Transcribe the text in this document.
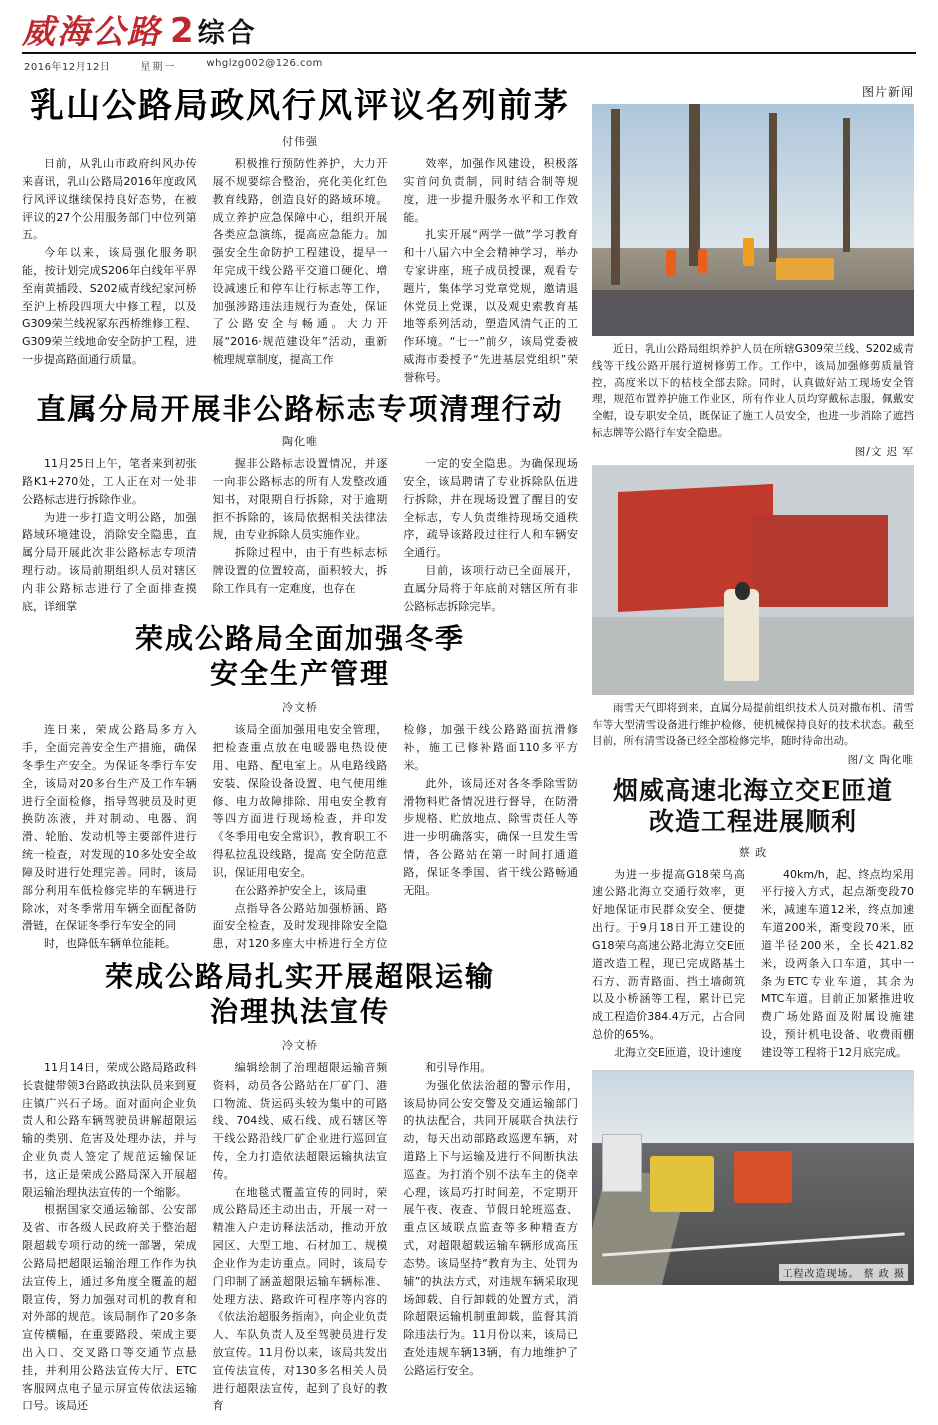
威海公路 2 综合
2016年12月12日	星期一	whglzg002@126.com
乳山公路局政风行风评议名列前茅
付伟强

日前，从乳山市政府纠风办传来喜讯，乳山公路局2016年度政风行风评议继续保持良好态势，在被评议的27个公用服务部门中位列第五。

今年以来，该局强化服务职能，按计划完成S206年白线年平界至南黄插段、S202威青线纪家河桥至沪上桥段四项大中修工程，以及G309荣兰线祝冢东西桥维修工程、G309荣兰线地命安全防护工程，进一步提高路面通行质量。

积极推行预防性养护，大力开展不规要综合整治，亮化美化红色教育线路，创造良好的路域环境。成立养护应急保障中心，组织开展各类应急演练，提高应急能力。加强安全生命防护工程建设，提早一年完成干线公路平交道口硬化、增设减速丘和停车让行标志等工作，加强涉路违法违规行为查处，保证了公路安全与畅通。大力开展“2016·规范建设年”活动，重新梳理规章制度，提高工作

效率，加强作风建设，积极落实首问负责制，同时结合制等规度，进一步提升服务水平和工作效能。

扎实开展“两学一做”学习教育和十八届六中全会精神学习，举办专家讲座，班子成员授课，观看专题片，集体学习党章党规，邀请退休党员上党课，以及观史索教育基地等系列活动，塑造风清气正的工作环境。“七一”前夕，该局党委被威海市委授予“先进基层党组织”荣誉称号。

直属分局开展非公路标志专项清理行动
陶化唯

11月25日上午，笔者来到初张路K1+270处，工人正在对一处非公路标志进行拆除作业。

为进一步打造文明公路，加强路域环境建设，消除安全隐患，直属分局开展此次非公路标志专项清理行动。该局前期组织人员对辖区内非公路标志进行了全面排查摸底，详细掌

握非公路标志设置情况，并逐一向非公路标志的所有人发整改通知书，对限期自行拆除，对于逾期拒不拆除的，该局依据相关法律法规，由专业拆除人员实施作业。

拆除过程中，由于有些标志标牌设置的位置较高，面积较大，拆除工作具有一定难度，也存在

一定的安全隐患。为确保现场安全，该局聘请了专业拆除队伍进行拆除，并在现场设置了醒目的安全标志，专人负责维持现场交通秩序，疏导该路段过往行人和车辆安全通行。

目前，该项行动已全面展开，直属分局将于年底前对辖区所有非公路标志拆除完毕。

荣成公路局全面加强冬季
安全生产管理
冷文桥

连日来，荣成公路局多方入手，全面完善安全生产措施，确保冬季生产安全。为保证冬季行车安全，该局对20多台生产及工作车辆进行全面检修，指导驾驶员及时更换防冻液，并对制动、电器、润滑、轮胎、发动机等主要部件进行统一检查，对发现的10多处安全故障及时进行处理完善。同时，该局部分利用车低检修完毕的车辆进行除冰，对冬季常用车辆全面配备防滑链，在保证冬季行车安全的同

时，也降低车辆单位能耗。

该局全面加强用电安全管理，把检查重点放在电暖器电热设使用、电路、配电室上。从电路线路安装、保险设备设置、电气使用维修、电力故障排除、用电安全教育等四方面进行现场检查，并印发《冬季用电安全常识》，教育职工不得私拉乱设线路，提高 安全防范意识，保证用电安全。

在公路养护安全上，该局重

点指导各公路站加强桥涵、路面安全检查，及时发现排除安全隐患，对120多座大中桥进行全方位检修，加强干线公路路面抗滑修补，施工已修补路面110多平方米。

此外，该局还对各冬季除雪防滑物料贮备情况进行督导，在防滑步规格、贮放地点、除雪责任人等进一步明确落实，确保一旦发生雪情，各公路站在第一时间打通道路，保证冬季国、省干线公路畅通无阻。

荣成公路局扎实开展超限运输
治理执法宣传
冷文桥

11月14日，荣成公路局路政科长袁健带领3台路政执法队员来到夏庄镇广兴石子场。面对面向企业负责人和公路车辆驾驶员讲解超限运输的类别、危害及处理办法，并与企业负责人签定了规范运输保证书，这正是荣成公路局深入开展超限运输治理执法宣传的一个缩影。

根据国家交通运输部、公安部及省、市各级人民政府关于整治超限超载专项行动的统一部署，荣成公路局把超限运输治理工作作为执法宣传上，通过多角度全覆盖的超限宣传，努力加强对司机的教育和对外部的规范。该局制作了20多条宣传横幅，在重要路段、荣成主要出入口、交叉路口等交通节点悬挂，并利用公路法宣传大厅、ETC客服网点电子显示屏宣传依法运输口号。该局还

编辑绘制了治理超限运输音频资料，动员各公路站在厂矿门、港口物流、货运码头较为集中的可路线、704线、威石线、成石辖区等干线公路沿线厂矿企业进行巡回宣传，全力打造依法超限运输执法宣传。

在地毯式覆盖宣传的同时，荣成公路局还主动出击，开展一对一精准入户走访释法活动，推动开放园区、大型工地、石材加工、规模企业作为走访重点。同时，该局专门印制了涵盖超限运输车辆标准、处理方法、路政许可程序等内容的《依法治超服务指南》，向企业负责人、车队负责人及至驾驶员进行发放宣传。11月份以来，该局共发出宣传法宣传，对130多名相关人员进行超限法宣传，起到了良好的教育

和引导作用。

为强化依法治超的警示作用，该局协同公安交警及交通运输部门的执法配合，共同开展联合执法行动，每天出动部路政巡逻车辆，对道路上下与运输及进行不间断执法巡查。为打消个别不法车主的侥幸心理，该局巧打时间差，不定期开展午夜、夜查、节假日轮班巡查、重点区域联点监查等多种精查方式，对超限超载运输车辆形成高压态势。该局坚持“教育为主、处罚为辅”的执法方式，对违规车辆采取现场卸载、自行卸载的处置方式，消除超限运输机制重卸载，监督其消除违法行为。11月份以来，该局已查处违规车辆13辆，有力地维护了公路运行安全。

图片新闻
近日，乳山公路局组织养护人员在所辖G309荣兰线、S202威青线等干线公路开展行道树修剪工作。工作中，该局加强修剪质量管控，高度米以下的枯枝全部去除。同时，认真做好站工现场安全管理，规范布置养护施工作业区，所有作业人员均穿戴标志服，佩戴安全帽，设专职安全员，既保证了施工人员安全，也进一步消除了遮挡标志牌等公路行车安全隐患。
图/文 迟 军
雨雪天气即将到来，直属分局提前组织技术人员对撒布机、清雪车等大型清雪设备进行维护检修，使机械保持良好的技术状态。截至目前，所有清雪设备已经全部检修完毕，随时待命出动。
图/文 陶化唯
烟威高速北海立交E匝道
改造工程进展顺利
蔡 政

为进一步提高G18荣乌高速公路北海立交通行效率，更好地保证市民群众安全、便捷出行。于9月18日开工建设的G18荣乌高速公路北海立交E匝道改造工程，现已完成路基土石方、沥青路面、挡土墙砌筑以及小桥涵等工程，累计已完成工程造价384.4万元，占合同总价的65%。

北海立交E匝道，设计速度

40km/h，起、终点均采用平行接入方式，起点渐变段70米，减速车道12米，终点加速车道200米，渐变段70米，匝道半径200米，全长421.82米，设两条入口车道，其中一条为ETC专业车道，其余为MTC车道。目前正加紧推进收费广场处路面及附属设施建设，预计机电设备、收费雨棚建设等工程将于12月底完成。

工程改造现场。 蔡 政 摄
